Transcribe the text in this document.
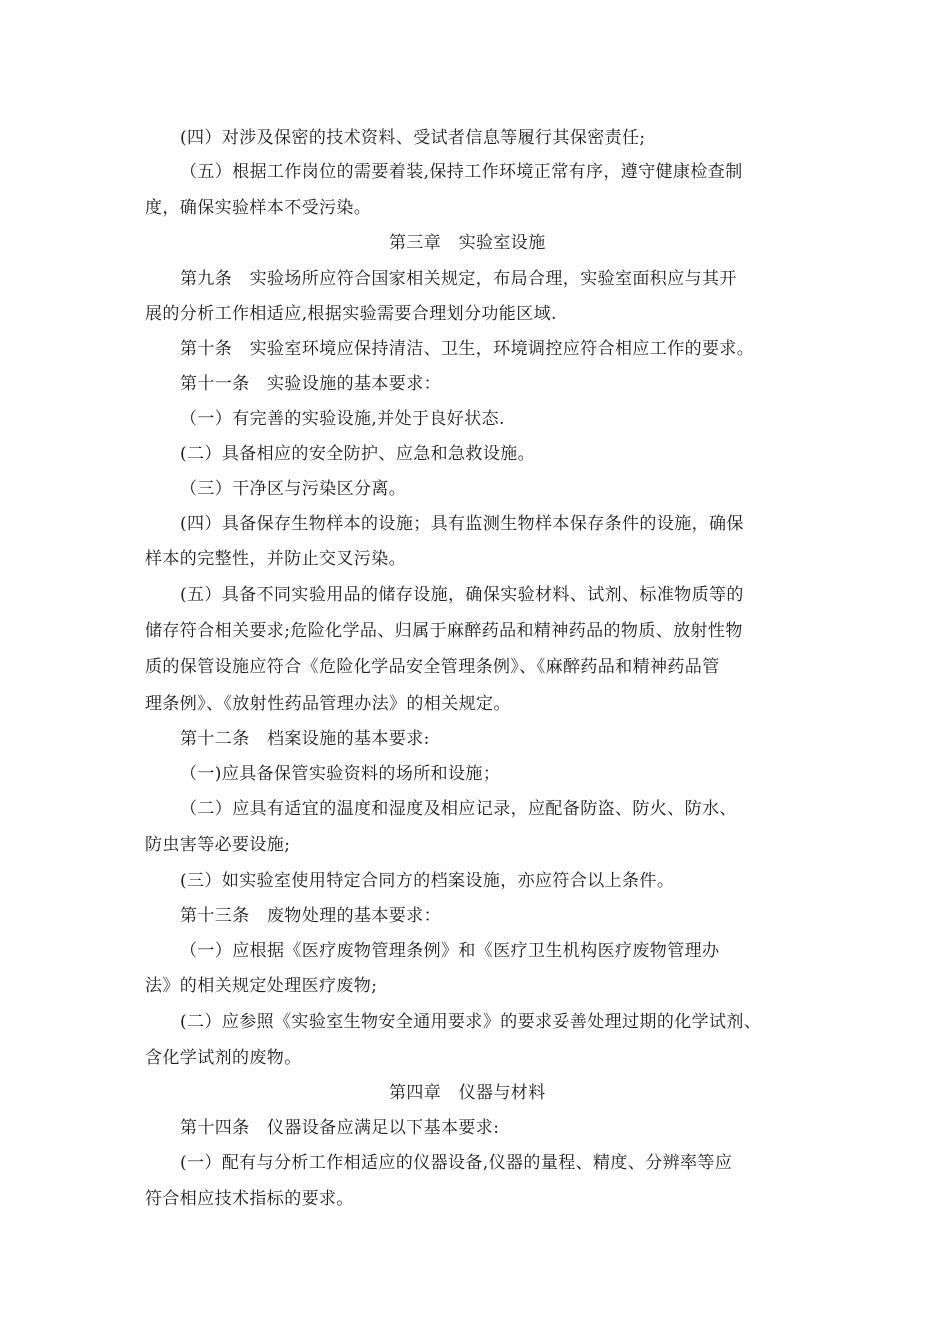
(四）对涉及保密的技术资料、受试者信息等履行其保密责任;
（五）根据工作岗位的需要着装,保持工作环境正常有序，遵守健康检查制
度，确保实验样本不受污染。
第三章　实验室设施
第九条　实验场所应符合国家相关规定，布局合理，实验室面积应与其开
展的分析工作相适应,根据实验需要合理划分功能区域.
第十条　实验室环境应保持清洁、卫生，环境调控应符合相应工作的要求。
第十一条　实验设施的基本要求：
（一）有完善的实验设施,并处于良好状态.
(二）具备相应的安全防护、应急和急救设施。
（三）干净区与污染区分离。
(四）具备保存生物样本的设施；具有监测生物样本保存条件的设施，确保
样本的完整性，并防止交叉污染。
(五）具备不同实验用品的储存设施，确保实验材料、试剂、标准物质等的
储存符合相关要求;危险化学品、归属于麻醉药品和精神药品的物质、放射性物
质的保管设施应符合《危险化学品安全管理条例》、《麻醉药品和精神药品管
理条例》、《放射性药品管理办法》的相关规定。
第十二条　档案设施的基本要求:
（一)应具备保管实验资料的场所和设施；
（二）应具有适宜的温度和湿度及相应记录，应配备防盗、防火、防水、
防虫害等必要设施;
(三）如实验室使用特定合同方的档案设施，亦应符合以上条件。
第十三条　废物处理的基本要求：
（一）应根据《医疗废物管理条例》和《医疗卫生机构医疗废物管理办
法》的相关规定处理医疗废物;
(二）应参照《实验室生物安全通用要求》的要求妥善处理过期的化学试剂、
含化学试剂的废物。
第四章　仪器与材料
第十四条　仪器设备应满足以下基本要求:
(一）配有与分析工作相适应的仪器设备,仪器的量程、精度、分辨率等应
符合相应技术指标的要求。
